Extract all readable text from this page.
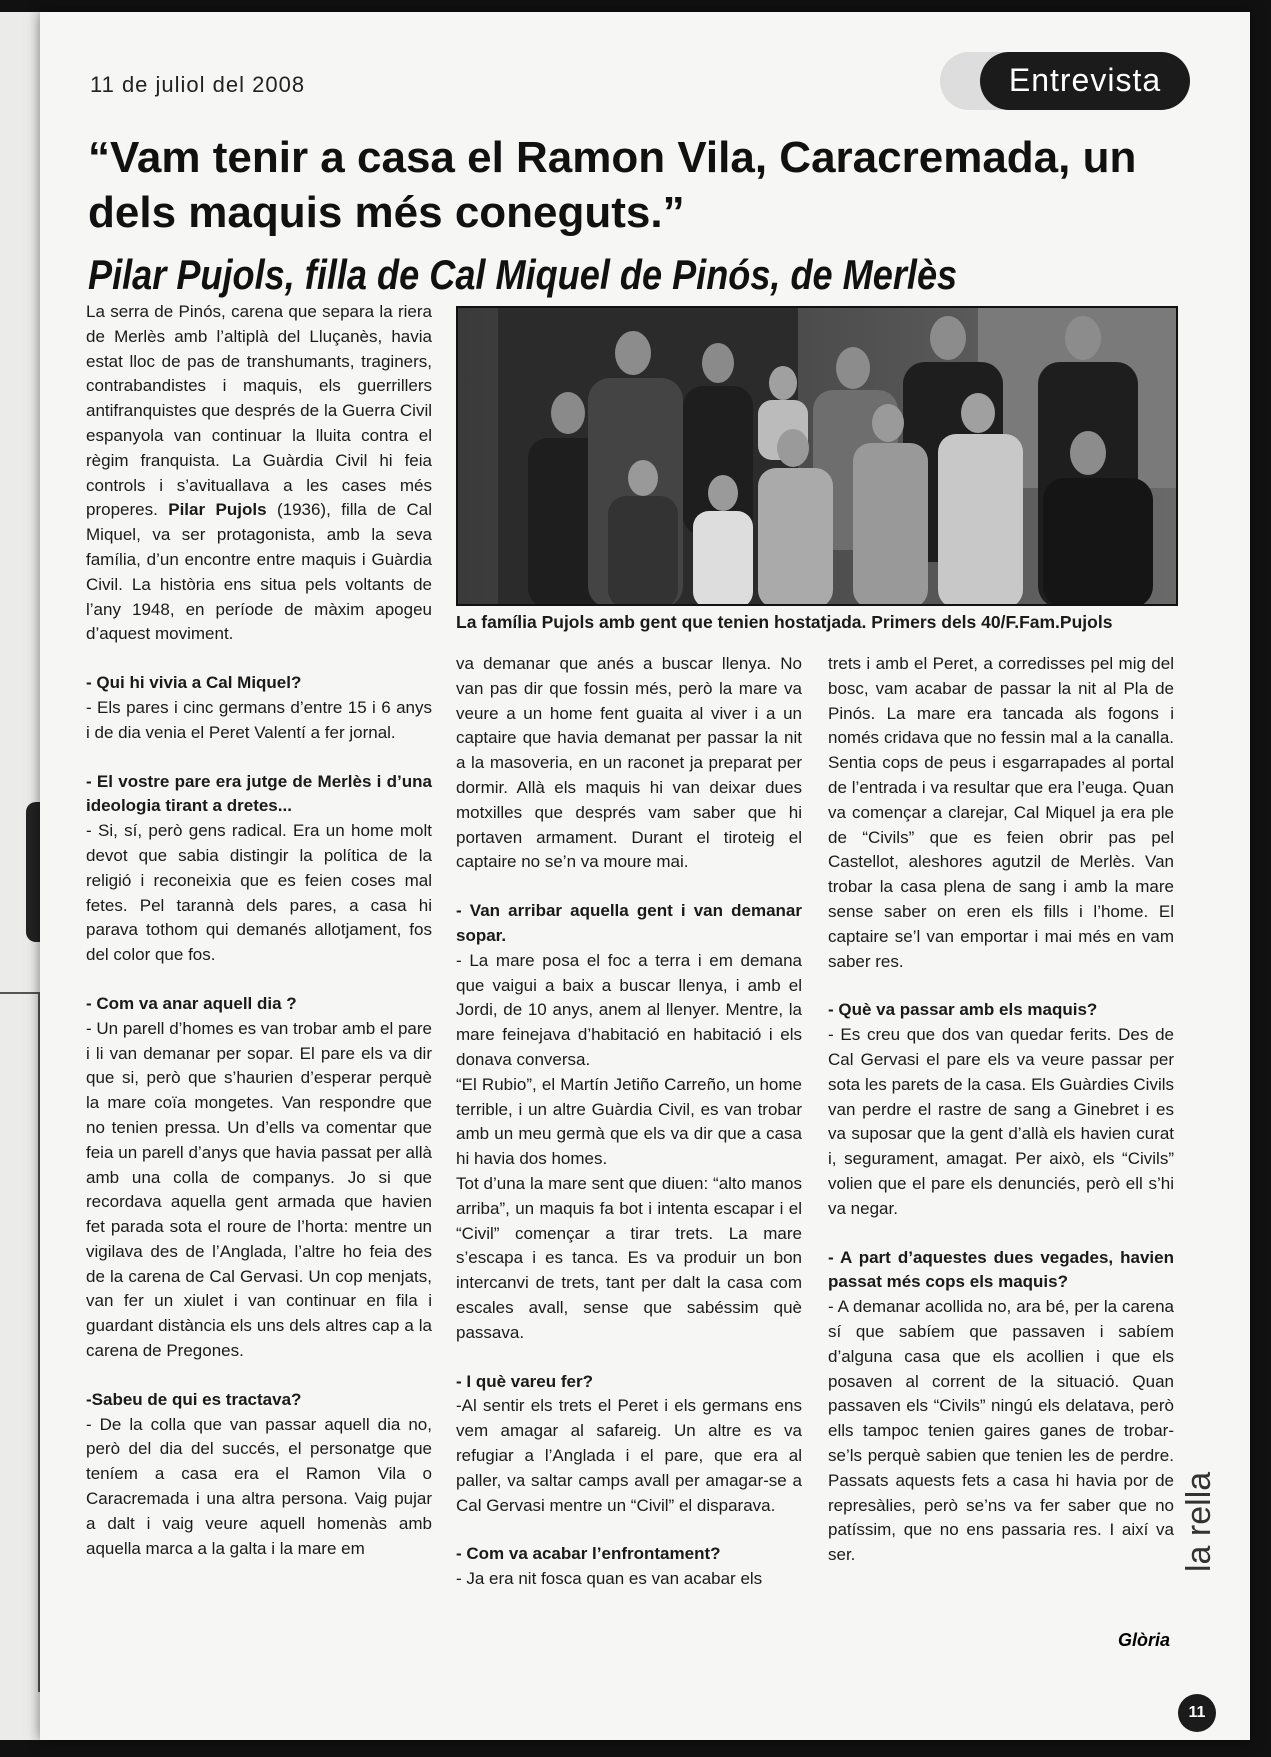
11 de juliol del 2008	Entrevista
“Vam tenir a casa el Ramon Vila, Caracremada, un dels maquis més coneguts.”
Pilar Pujols, filla de Cal Miquel de Pinós, de Merlès

La serra de Pinós, carena que separa la riera de Merlès amb l’altiplà del Lluçanès, havia estat lloc de pas de transhumants, traginers, contrabandistes i maquis, els guerrillers antifranquistes que després de la Guerra Civil espanyola van continuar la lluita contra el règim franquista. La Guàrdia Civil hi feia controls i s’avituallava a les cases més properes. Pilar Pujols (1936), filla de Cal Miquel, va ser protagonista, amb la seva família, d’un encontre entre maquis i Guàrdia Civil. La història ens situa pels voltants de l’any 1948, en període de màxim apogeu d’aquest moviment.

- Qui hi vivia a Cal Miquel?

- Els pares i cinc germans d’entre 15 i 6 anys i de dia venia el Peret Valentí a fer jornal.

- El vostre pare era jutge de Merlès i d’una ideologia tirant a dretes...

- Si, sí, però gens radical. Era un home molt devot que sabia distingir la política de la religió i reconeixia que es feien coses mal fetes. Pel tarannà dels pares, a casa hi parava tothom qui demanés allotjament, fos del color que fos.

- Com va anar aquell dia ?

- Un parell d’homes es van trobar amb el pare i li van demanar per sopar. El pare els va dir que si, però que s’haurien d’esperar perquè la mare coïa mongetes. Van respondre que no tenien pressa. Un d’ells va comentar que feia un parell d’anys que havia passat per allà amb una colla de companys. Jo si que recordava aquella gent armada que havien fet parada sota el roure de l’horta: mentre un vigilava des de l’Anglada, l’altre ho feia des de la carena de Cal Gervasi. Un cop menjats, van fer un xiulet i van continuar en fila i guardant distància els uns dels altres cap a la carena de Pregones.

-Sabeu de qui es tractava?

- De la colla que van passar aquell dia no, però del dia del succés, el personatge que teníem a casa era el Ramon Vila o Caracremada i una altra persona. Vaig pujar a dalt i vaig veure aquell homenàs amb aquella marca a la galta i la mare em

La família Pujols amb gent que tenien hostatjada. Primers dels 40/F.Fam.Pujols

va demanar que anés a buscar llenya. No van pas dir que fossin més, però la mare va veure a un home fent guaita al viver i a un captaire que havia demanat per passar la nit a la masoveria, en un raconet ja preparat per dormir. Allà els maquis hi van deixar dues motxilles que després vam saber que hi portaven armament. Durant el tiroteig el captaire no se’n va moure mai.

- Van arribar aquella gent i van demanar sopar.

- La mare posa el foc a terra i em demana que vaigui a baix a buscar llenya, i amb el Jordi, de 10 anys, anem al llenyer. Mentre, la mare feinejava d’habitació en habitació i els donava conversa.

“El Rubio”, el Martín Jetiño Carreño, un home terrible, i un altre Guàrdia Civil, es van trobar amb un meu germà que els va dir que a casa hi havia dos homes.

Tot d’una la mare sent que diuen: “alto manos arriba”, un maquis fa bot i intenta escapar i el “Civil” començar a tirar trets. La mare s’escapa i es tanca. Es va produir un bon intercanvi de trets, tant per dalt la casa com escales avall, sense que sabéssim què passava.

- I què vareu fer?

-Al sentir els trets el Peret i els germans ens vem amagar al safareig. Un altre es va refugiar a l’Anglada i el pare, que era al paller, va saltar camps avall per amagar-se a Cal Gervasi mentre un “Civil” el disparava.

- Com va acabar l’enfrontament?

- Ja era nit fosca quan es van acabar els

trets i amb el Peret, a corredisses pel mig del bosc, vam acabar de passar la nit al Pla de Pinós. La mare era tancada als fogons i només cridava que no fessin mal a la canalla. Sentia cops de peus i esgarrapades al portal de l’entrada i va resultar que era l’euga. Quan va començar a clarejar, Cal Miquel ja era ple de “Civils” que es feien obrir pas pel Castellot, aleshores agutzil de Merlès. Van trobar la casa plena de sang i amb la mare sense saber on eren els fills i l’home. El captaire se’l van emportar i mai més en vam saber res.

- Què va passar amb els maquis?

- Es creu que dos van quedar ferits. Des de Cal Gervasi el pare els va veure passar per sota les parets de la casa. Els Guàrdies Civils van perdre el rastre de sang a Ginebret i es va suposar que la gent d’allà els havien curat i, segurament, amagat. Per això, els “Civils” volien que el pare els denunciés, però ell s’hi va negar.

- A part d’aquestes dues vegades, havien passat més cops els maquis?

- A demanar acollida no, ara bé, per la carena sí que sabíem que passaven i sabíem d’alguna casa que els acollien i que els posaven al corrent de la situació. Quan passaven els “Civils” ningú els delatava, però ells tampoc tenien gaires ganes de trobar-se’ls perquè sabien que tenien les de perdre. Passats aquests fets a casa hi havia por de represàlies, però se’ns va fer saber que no patíssim, que no ens passaria res. I així va ser.

Glòria
la rella
11
